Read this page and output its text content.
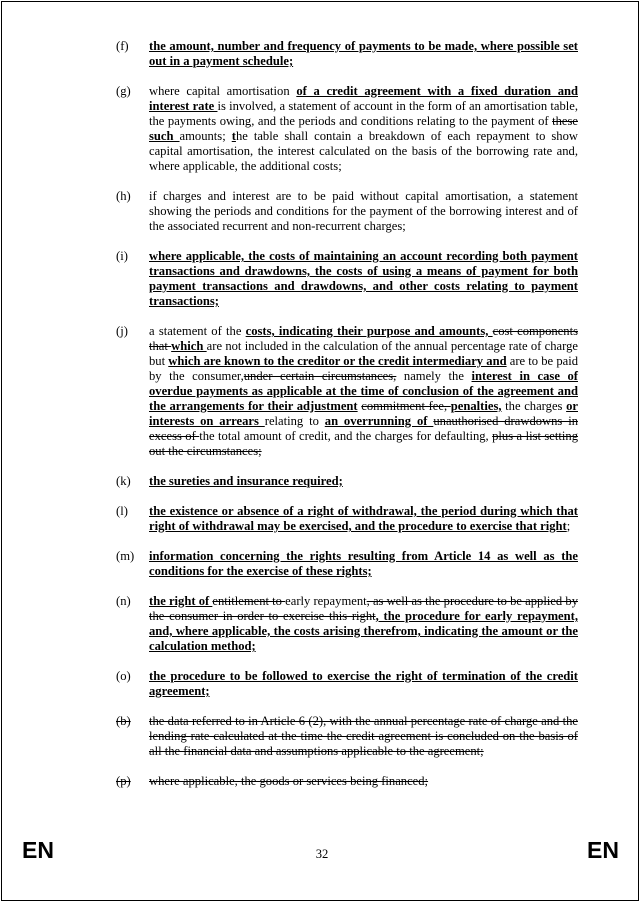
(f)	the amount, number and frequency of payments to be made, where possible set out in a payment schedule;
(g)	where capital amortisation of a credit agreement with a fixed duration and interest rate is involved, a statement of account in the form of an amortisation table, the payments owing, and the periods and conditions relating to the payment of these such amounts; the table shall contain a breakdown of each repayment to show capital amortisation, the interest calculated on the basis of the borrowing rate and, where applicable, the additional costs;
(h)	if charges and interest are to be paid without capital amortisation, a statement showing the periods and conditions for the payment of the borrowing interest and of the associated recurrent and non-recurrent charges;
(i)	where applicable, the costs of maintaining an account recording both payment transactions and drawdowns, the costs of using a means of payment for both payment transactions and drawdowns, and other costs relating to payment transactions;
(j)	a statement of the costs, indicating their purpose and amounts, cost components that which are not included in the calculation of the annual percentage rate of charge but which are known to the creditor or the credit intermediary and are to be paid by the consumer,under certain circumstances, namely the interest in case of overdue payments as applicable at the time of conclusion of the agreement and the arrangements for their adjustment commitment fee, penalties, the charges or interests on arrears relating to an overrunning of unauthorised drawdowns in excess of the total amount of credit, and the charges for defaulting, plus a list setting out the circumstances;
(k)	the sureties and insurance required;
(l)	the existence or absence of a right of withdrawal, the period during which that right of withdrawal may be exercised, and the procedure to exercise that right;
(m)	information concerning the rights resulting from Article 14 as well as the conditions for the exercise of these rights;
(n)	the right of entitlement to early repayment, as well as the procedure to be applied by the consumer in order to exercise this right, the procedure for early repayment, and, where applicable, the costs arising therefrom, indicating the amount or the calculation method;
(o)	the procedure to be followed to exercise the right of termination of the credit agreement;
(b)	the data referred to in Article 6 (2), with the annual percentage rate of charge and the lending rate calculated at the time the credit agreement is concluded on the basis of all the financial data and assumptions applicable to the agreement;
(p)	where applicable, the goods or services being financed;
EN	32	EN
